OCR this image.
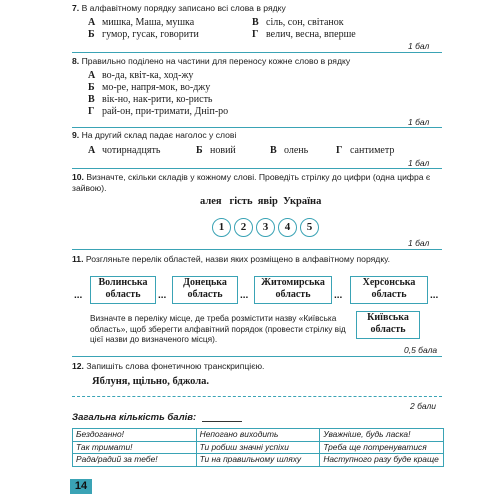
7. В алфавітному порядку записано всі слова в рядку
А мишка, Маша, мушка
Б гумор, гусак, говорити
В сіль, сон, світанок
Г велич, весна, вперше
1 бал
8. Правильно поділено на частини для переносу кожне слово в рядку
А во-да, квіт-ка, ход-жу
Б мо-ре, напря-мок, во-джу
В вік-но, нак-рити, ко-ристь
Г рай-он, при-тримати, Дніп-ро
1 бал
9. На другий склад падає наголос у слові
А чотирнадцять	Б новий	В олень	Г сантиметр
1 бал
10. Визначте, скільки складів у кожному слові. Проведіть стрілку до цифри (одна цифра є зайвою).
алея   гість  явір  Україна
1	2	3	4	5
1 бал
11. Розгляньте перелік областей, назви яких розміщено в алфавітному порядку.
...
Волинська
область	...
Донецька
область	...
Житомирська
область	...
Херсонська
область	...
Визначте в переліку місце, де треба розмістити назву «Київська область», щоб зберегти алфавітний порядок (провести стрілку від цієї назви до визначеного місця).
Київська
область
0,5 бала
12. Запишіть слова фонетичною транскрипцією.
Яблуня, щільно, бджола.
2 бали
Загальна кількість балів:
Бездоганно!	Непогано виходить	Уважніше, будь ласка!
Так тримати!	Ти робиш значні успіхи	Треба ще потренуватися
Рада/радий за тебе!	Ти на правильному шляху	Наступного разу буде краще
14
